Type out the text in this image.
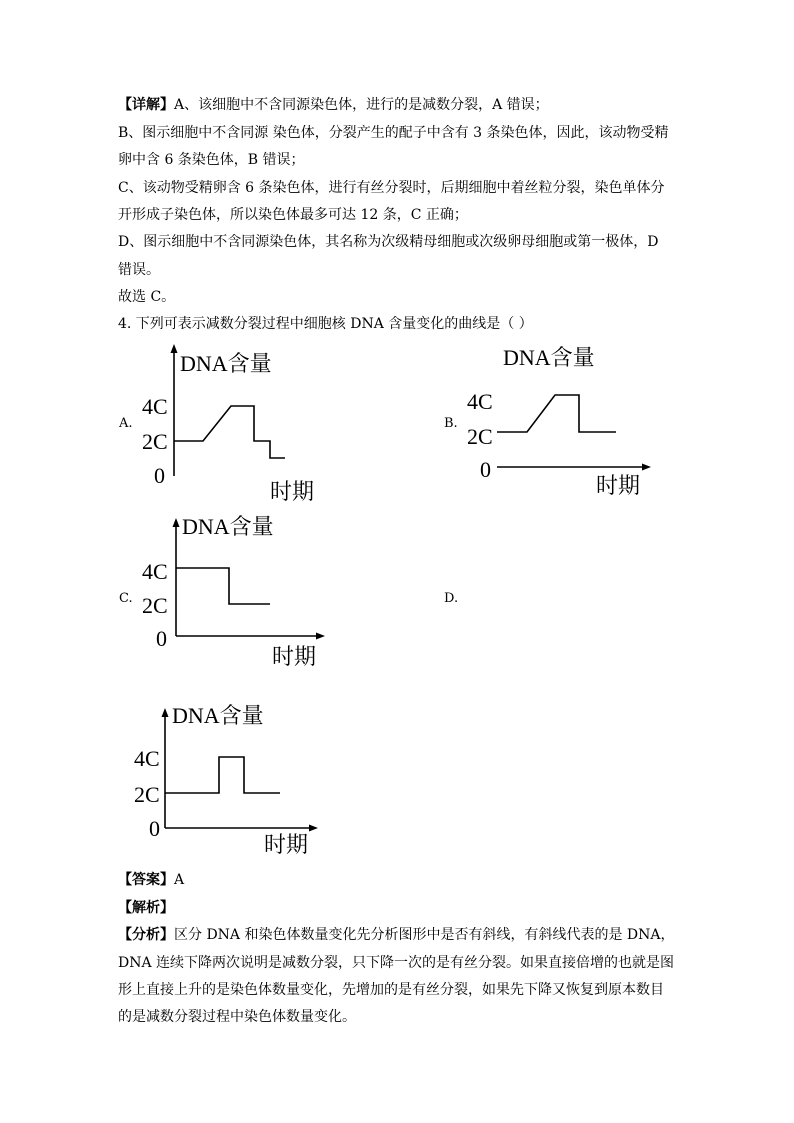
【详解】A、该细胞中不含同源染色体，进行的是减数分裂，A 错误；
B、图示细胞中不含同源 染色体，分裂产生的配子中含有 3 条染色体，因此，该动物受精
卵中含 6 条染色体，B 错误；
C、该动物受精卵含 6 条染色体，进行有丝分裂时，后期细胞中着丝粒分裂，染色单体分
开形成子染色体，所以染色体最多可达 12 条，C 正确；
D、图示细胞中不含同源染色体，其名称为次级精母细胞或次级卵母细胞或第一极体，D
错误。
故选 C。
4. 下列可表示减数分裂过程中细胞核 DNA 含量变化的曲线是（ ）
A.	B.
C.	D.
DNA含量
4C
2C
0
时期
DNA含量
4C
2C
0
时期
DNA含量
4C
2C
0
时期
DNA含量
4C
2C
0
时期
【答案】A
【解析】
【分析】区分 DNA 和染色体数量变化先分析图形中是否有斜线，有斜线代表的是 DNA，
DNA 连续下降两次说明是减数分裂，只下降一次的是有丝分裂。如果直接倍增的也就是图
形上直接上升的是染色体数量变化，先增加的是有丝分裂，如果先下降又恢复到原本数目
的是减数分裂过程中染色体数量变化。
